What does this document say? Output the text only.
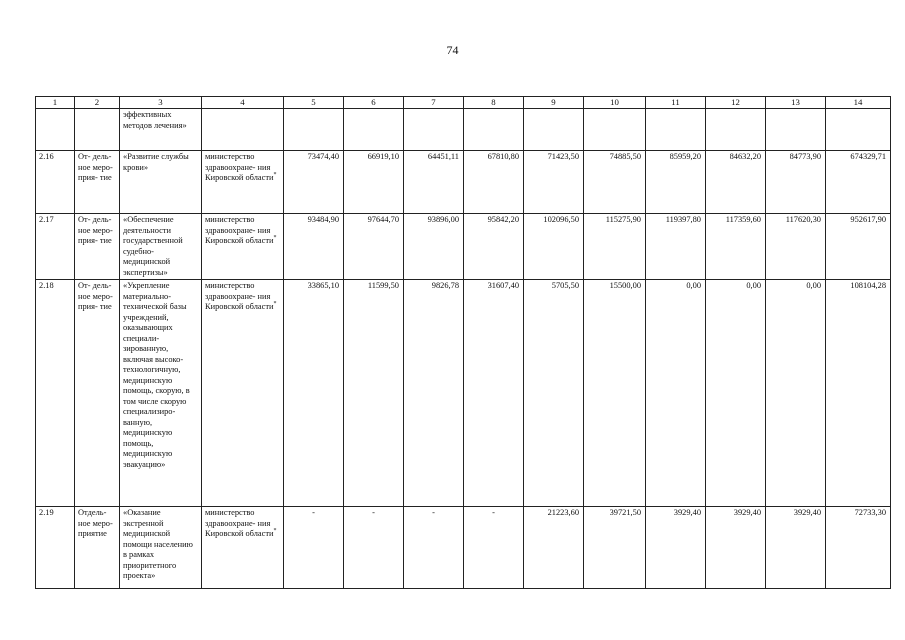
74
1	2	3	4	5	6	7	8	9	10	11	12	13	14
		эффективных методов лечения»											
2.16	От- дель- ное меро- прия- тие	«Развитие службы крови»	министерство здравоохране- ния Кировской области*	73474,40	66919,10	64451,11	67810,80	71423,50	74885,50	85959,20	84632,20	84773,90	674329,71
2.17	От- дель- ное меро- прия- тие	«Обеспечение деятельности государственной судебно- медицинской экспертизы»	министерство здравоохране- ния Кировской области*	93484,90	97644,70	93896,00	95842,20	102096,50	115275,90	119397,80	117359,60	117620,30	952617,90
2.18	От- дель- ное меро- прия- тие	«Укрепление материально- технической базы учреждений, оказывающих специали- зированную, включая высоко- технологичную, медицинскую помощь, скорую, в том числе скорую специализиро- ванную, медицинскую помощь, медицинскую эвакуацию»	министерство здравоохране- ния Кировской области*	33865,10	11599,50	9826,78	31607,40	5705,50	15500,00	0,00	0,00	0,00	108104,28
2.19	Отдель- ное меро- приятие	«Оказание экстренной медицинской помощи населению в рамках приоритетного проекта»	министерство здравоохране- ния Кировской области*	-	-	-	-	21223,60	39721,50	3929,40	3929,40	3929,40	72733,30
